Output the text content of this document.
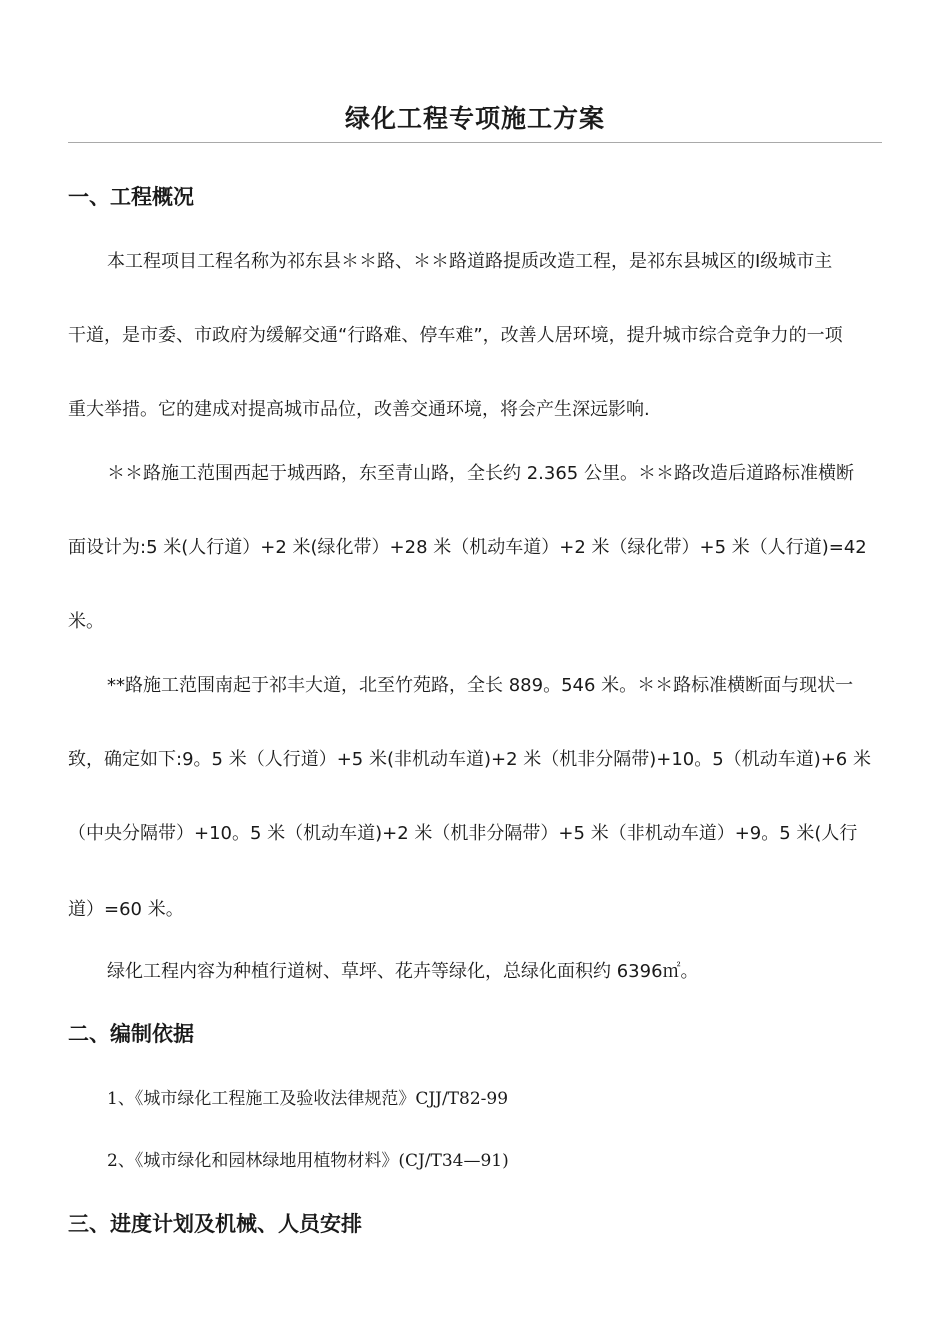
绿化工程专项施工方案
一、工程概况
本工程项目工程名称为祁东县＊＊路、＊＊路道路提质改造工程，是祁东县城区的Ⅰ级城市主
干道，是市委、市政府为缓解交通“行路难、停车难”，改善人居环境，提升城市综合竞争力的一项
重大举措。它的建成对提高城市品位，改善交通环境，将会产生深远影响.
＊＊路施工范围西起于城西路，东至青山路，全长约 2.365 公里。＊＊路改造后道路标准横断
面设计为:5 米(人行道）+2 米(绿化带）+28 米（机动车道）+2 米（绿化带）+5 米（人行道)=42
米。
**路施工范围南起于祁丰大道，北至竹苑路，全长 889。546 米。＊＊路标准横断面与现状一
致，确定如下:9。5 米（人行道）+5 米(非机动车道)+2 米（机非分隔带)+10。5（机动车道)+6 米
（中央分隔带）+10。5 米（机动车道)+2 米（机非分隔带）+5 米（非机动车道）+9。5 米(人行
道）=60 米。
绿化工程内容为种植行道树、草坪、花卉等绿化，总绿化面积约 6396㎡。
二、编制依据
1、《城市绿化工程施工及验收法律规范》CJJ/T82-99
2、《城市绿化和园林绿地用植物材料》(CJ/T34—91)
三、进度计划及机械、人员安排
